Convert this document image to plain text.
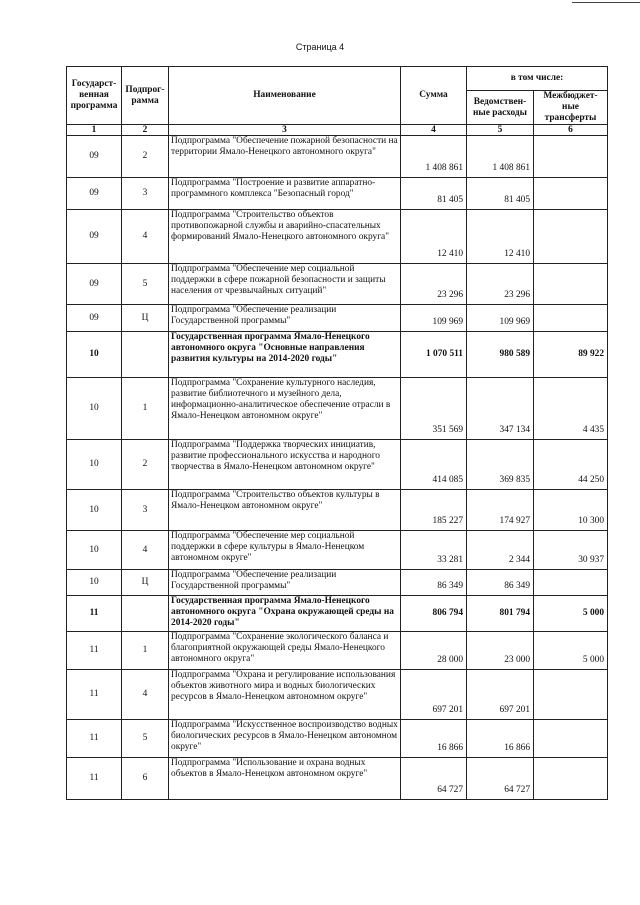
Страница 4
Государст-венная программа	Подпрог-рамма	Наименование	Сумма	в том числе:	
				Ведомствен-ные расходы	Межбюджет-ные трансферты
1	2	3	4	5	6
09	2	Подпрограмма "Обеспечение пожарной безопасности на территории Ямало-Ненецкого автономного округа"	1 408 861	1 408 861	
09	3	Подпрограмма "Построение и развитие аппаратно-программного комплекса "Безопасный город"	81 405	81 405	
09	4	Подпрограмма "Строительство объектов противопожарной службы и аварийно-спасательных формирований Ямало-Ненецкого автономного округа"	12 410	12 410	
09	5	Подпрограмма "Обеспечение мер социальной поддержки в сфере пожарной безопасности и защиты населения от чрезвычайных ситуаций"	23 296	23 296	
09	Ц	Подпрограмма "Обеспечение реализации Государственной программы"	109 969	109 969	
10		Государственная программа Ямало-Ненецкого автономного округа "Основные направления развития культуры на 2014-2020 годы"	1 070 511	980 589	89 922
10	1	Подпрограмма "Сохранение культурного наследия, развитие библиотечного и музейного дела, информационно-аналитическое обеспечение отрасли в Ямало-Ненецком автономном округе"	351 569	347 134	4 435
10	2	Подпрограмма "Поддержка творческих инициатив, развитие профессионального искусства и народного творчества в Ямало-Ненецком автономном округе"	414 085	369 835	44 250
10	3	Подпрограмма "Строительство объектов культуры в Ямало-Ненецком автономном округе"	185 227	174 927	10 300
10	4	Подпрограмма "Обеспечение мер социальной поддержки в сфере культуры в Ямало-Ненецком автономном округе"	33 281	2 344	30 937
10	Ц	Подпрограмма "Обеспечение реализации Государственной программы"	86 349	86 349	
11		Государственная программа Ямало-Ненецкого автономного округа "Охрана окружающей среды на 2014-2020 годы"	806 794	801 794	5 000
11	1	Подпрограмма "Сохранение экологического баланса и благоприятной окружающей среды Ямало-Ненецкого автономного округа"	28 000	23 000	5 000
11	4	Подпрограмма "Охрана и регулирование использования объектов животного мира и водных биологических ресурсов в Ямало-Ненецком автономном округе"	697 201	697 201	
11	5	Подпрограмма "Искусственное воспроизводство водных биологических ресурсов в Ямало-Ненецком автономном округе"	16 866	16 866	
11	6	Подпрограмма "Использование и охрана водных объектов в Ямало-Ненецком автономном округе"	64 727	64 727	
